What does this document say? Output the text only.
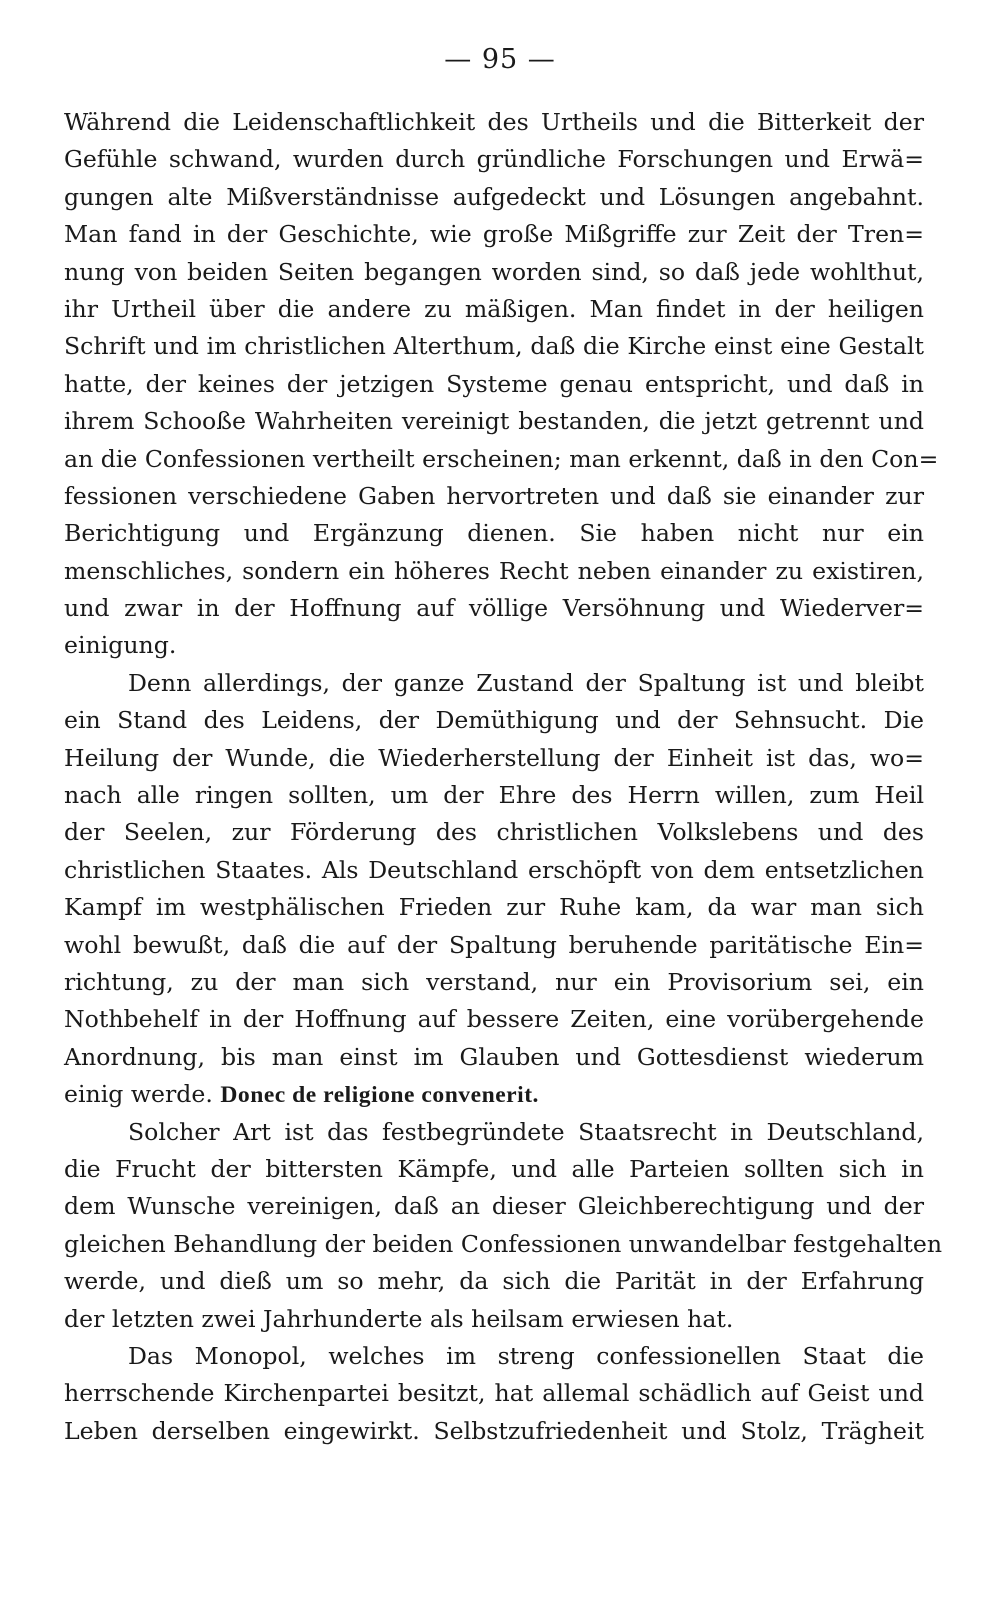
— 95 —
Während die Leidenschaftlichkeit des Urtheils und die Bitterkeit der
Gefühle schwand, wurden durch gründliche Forschungen und Erwä=
gungen alte Mißverständnisse aufgedeckt und Lösungen angebahnt.
Man fand in der Geschichte, wie große Mißgriffe zur Zeit der Tren=
nung von beiden Seiten begangen worden sind, so daß jede wohlthut,
ihr Urtheil über die andere zu mäßigen. Man findet in der heiligen
Schrift und im christlichen Alterthum, daß die Kirche einst eine Gestalt
hatte, der keines der jetzigen Systeme genau entspricht, und daß in
ihrem Schooße Wahrheiten vereinigt bestanden, die jetzt getrennt und
an die Confessionen vertheilt erscheinen; man erkennt, daß in den Con=
fessionen verschiedene Gaben hervortreten und daß sie einander zur
Berichtigung und Ergänzung dienen. Sie haben nicht nur ein
menschliches, sondern ein höheres Recht neben einander zu existiren,
und zwar in der Hoffnung auf völlige Versöhnung und Wiederver=
einigung.
Denn allerdings, der ganze Zustand der Spaltung ist und bleibt
ein Stand des Leidens, der Demüthigung und der Sehnsucht. Die
Heilung der Wunde, die Wiederherstellung der Einheit ist das, wo=
nach alle ringen sollten, um der Ehre des Herrn willen, zum Heil
der Seelen, zur Förderung des christlichen Volkslebens und des
christlichen Staates. Als Deutschland erschöpft von dem entsetzlichen
Kampf im westphälischen Frieden zur Ruhe kam, da war man sich
wohl bewußt, daß die auf der Spaltung beruhende paritätische Ein=
richtung, zu der man sich verstand, nur ein Provisorium sei, ein
Nothbehelf in der Hoffnung auf bessere Zeiten, eine vorübergehende
Anordnung, bis man einst im Glauben und Gottesdienst wiederum
einig werde. Donec de religione convenerit.
Solcher Art ist das festbegründete Staatsrecht in Deutschland,
die Frucht der bittersten Kämpfe, und alle Parteien sollten sich in
dem Wunsche vereinigen, daß an dieser Gleichberechtigung und der
gleichen Behandlung der beiden Confessionen unwandelbar festgehalten
werde, und dieß um so mehr, da sich die Parität in der Erfahrung
der letzten zwei Jahrhunderte als heilsam erwiesen hat.
Das Monopol, welches im streng confessionellen Staat die
herrschende Kirchenpartei besitzt, hat allemal schädlich auf Geist und
Leben derselben eingewirkt. Selbstzufriedenheit und Stolz, Trägheit
